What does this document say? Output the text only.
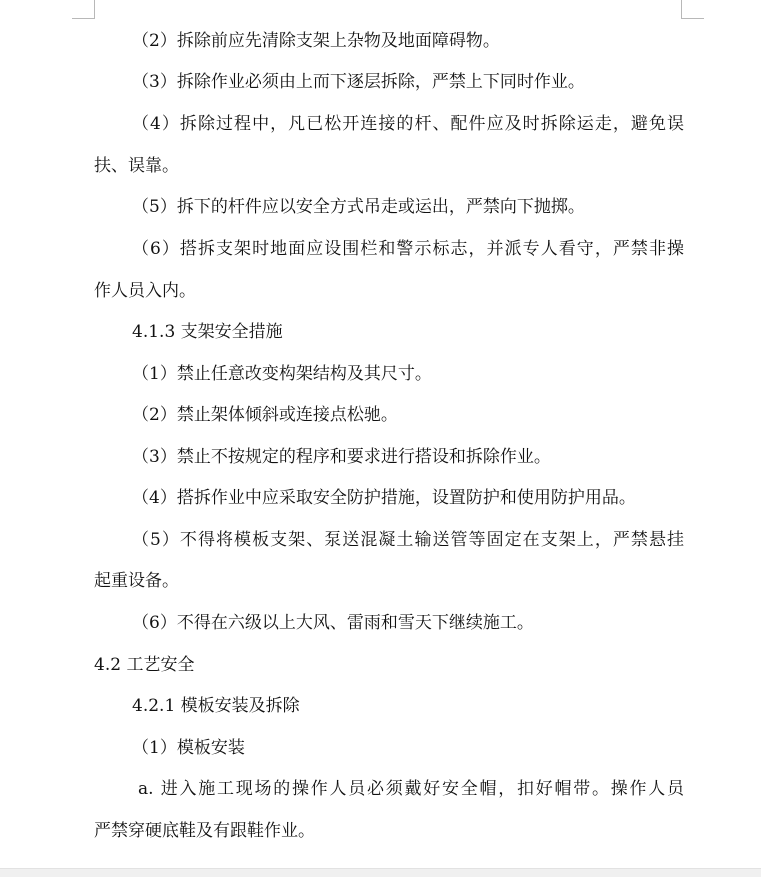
（2）拆除前应先清除支架上杂物及地面障碍物。
（3）拆除作业必须由上而下逐层拆除，严禁上下同时作业。
（4）拆除过程中，凡已松开连接的杆、配件应及时拆除运走，避免误
扶、误靠。
（5）拆下的杆件应以安全方式吊走或运出，严禁向下抛掷。
（6）搭拆支架时地面应设围栏和警示标志，并派专人看守，严禁非操
作人员入内。
4.1.3 支架安全措施
（1）禁止任意改变构架结构及其尺寸。
（2）禁止架体倾斜或连接点松驰。
（3）禁止不按规定的程序和要求进行搭设和拆除作业。
（4）搭拆作业中应采取安全防护措施，设置防护和使用防护用品。
（5）不得将模板支架、泵送混凝土输送管等固定在支架上，严禁悬挂
起重设备。
（6）不得在六级以上大风、雷雨和雪天下继续施工。
4.2 工艺安全
4.2.1 模板安装及拆除
（1）模板安装
a. 进入施工现场的操作人员必须戴好安全帽，扣好帽带。操作人员
严禁穿硬底鞋及有跟鞋作业。
